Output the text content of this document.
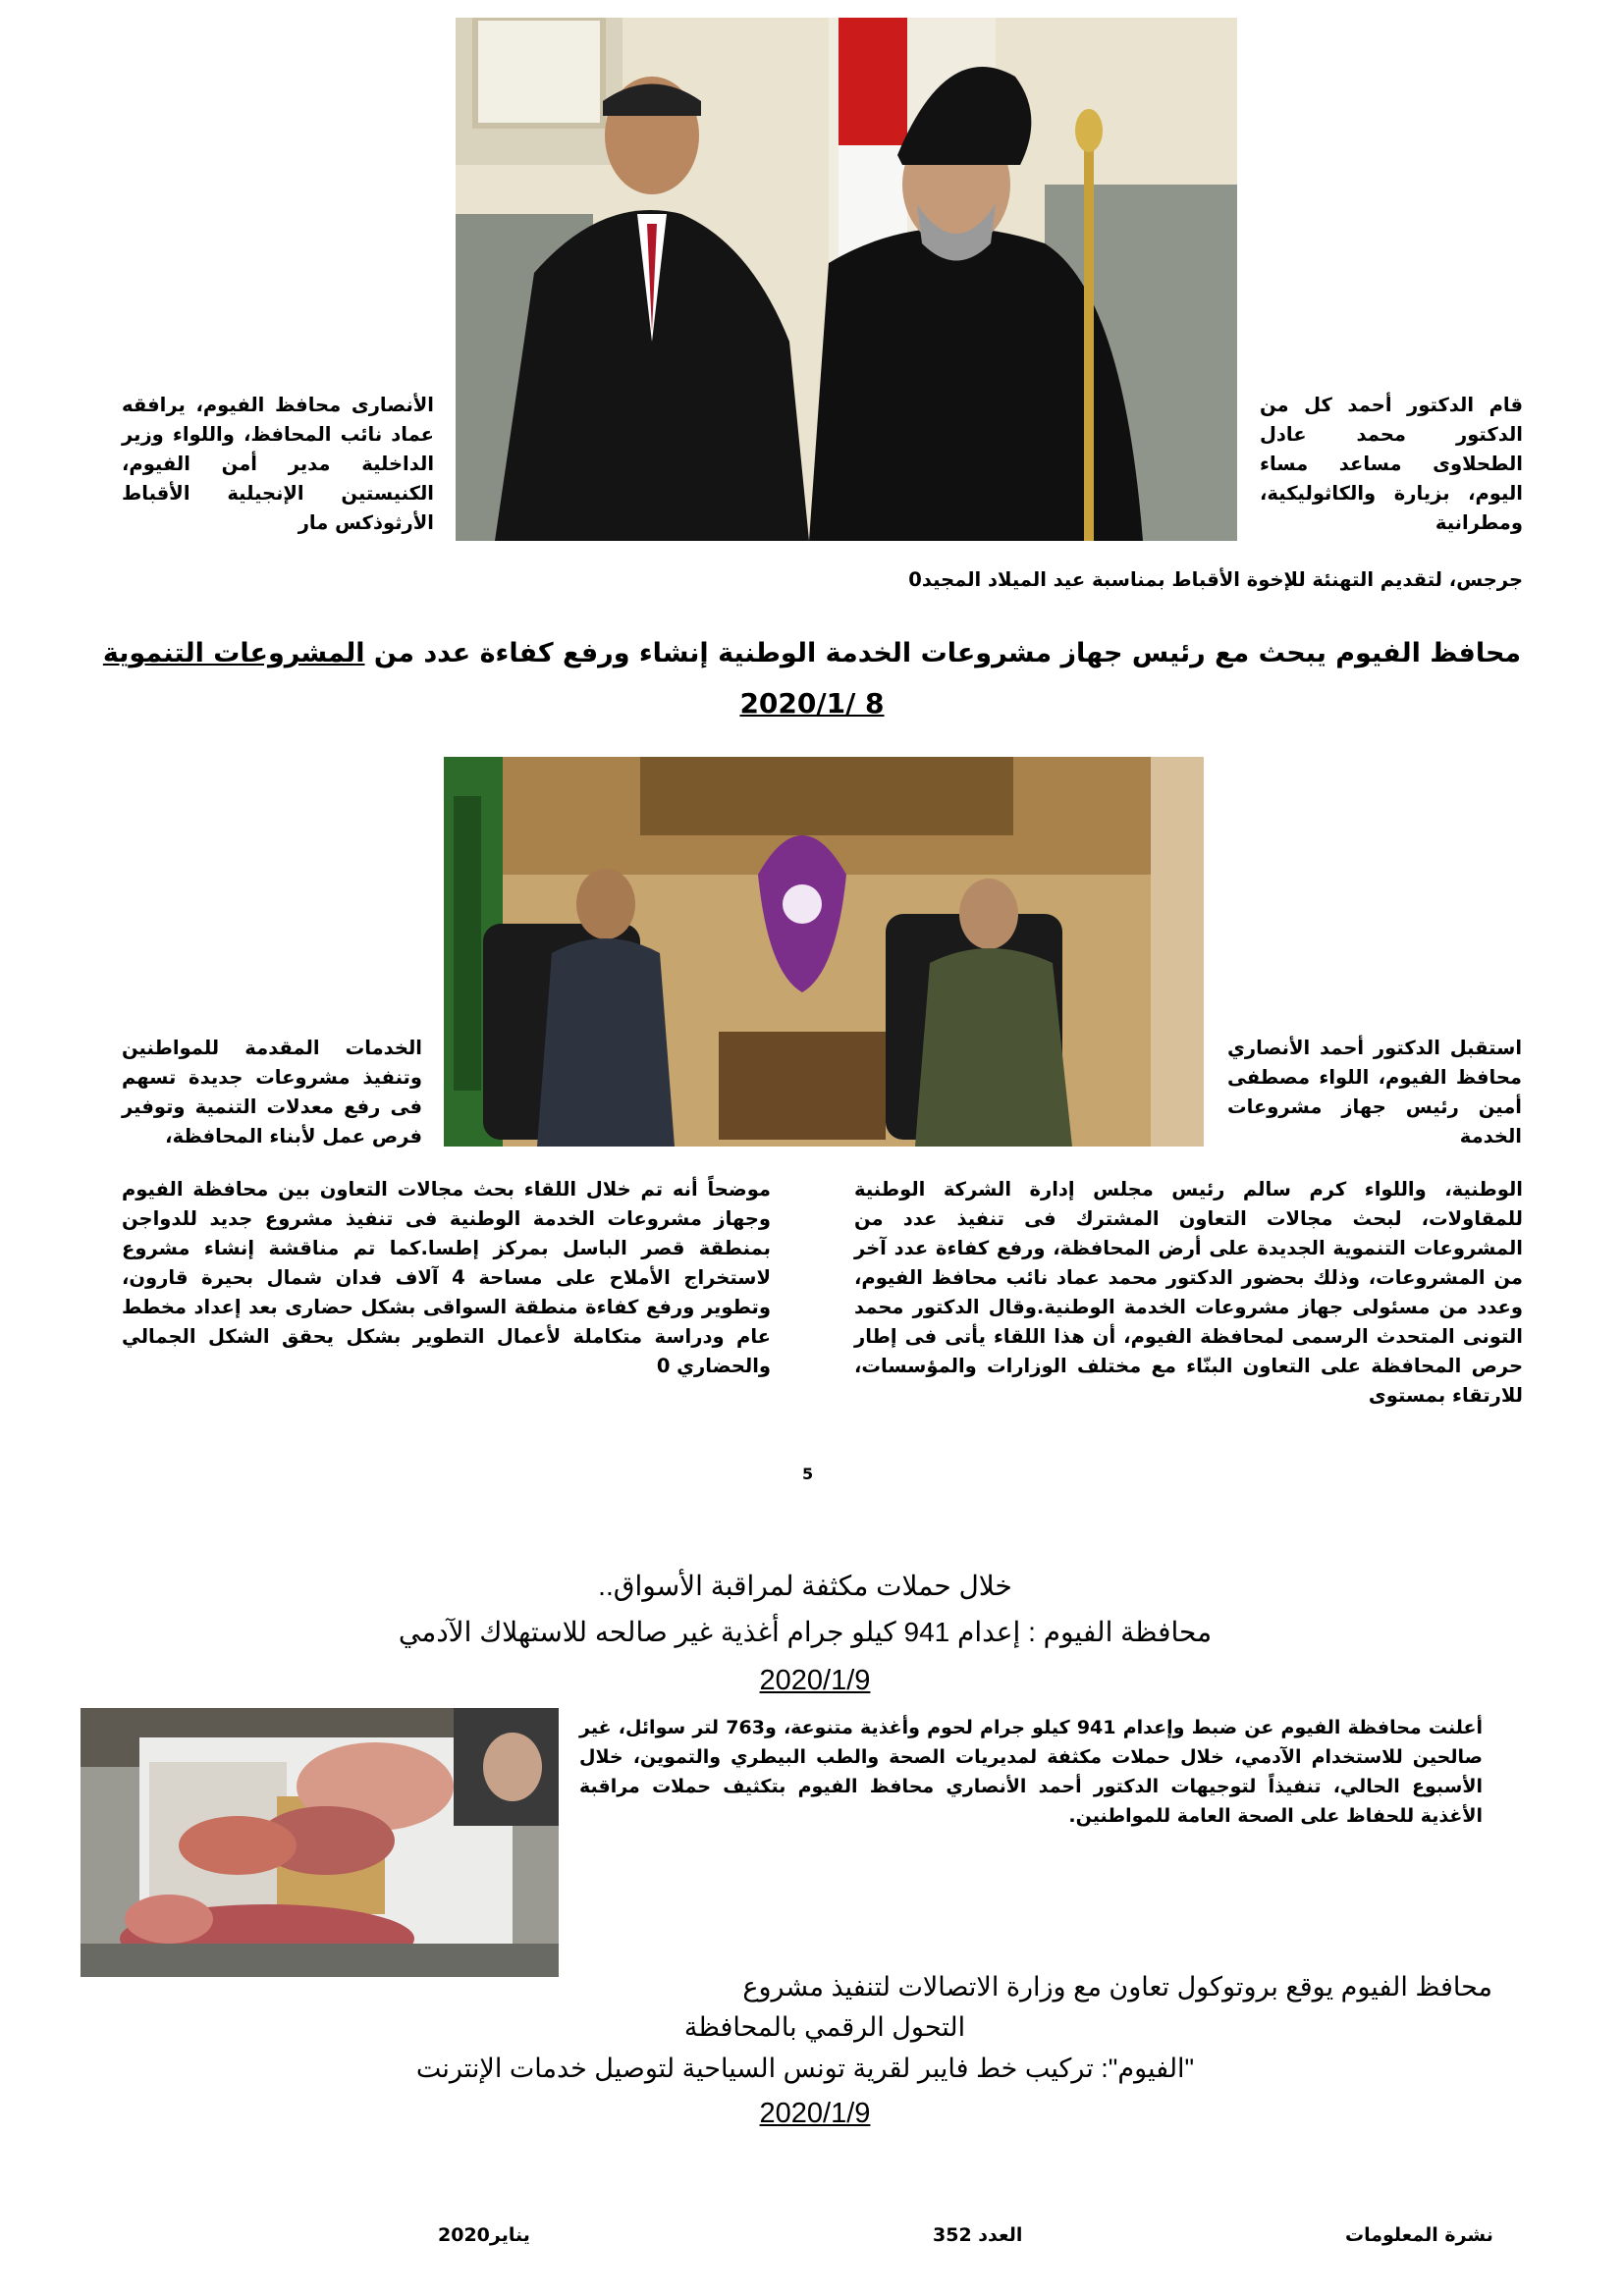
قام الدكتور أحمد كل من الدكتور محمد عادل الطحلاوى مساعد مساء اليوم، بزيارة والكاثوليكية، ومطرانية
الأنصارى محافظ الفيوم، يرافقه عماد نائب المحافظ، واللواء وزير الداخلية مدير أمن الفيوم، الكنيستين الإنجيلية الأقباط الأرثوذكس مار
جرجس، لتقديم التهنئة للإخوة الأقباط بمناسبة عيد الميلاد المجيد0
محافظ الفيوم يبحث مع رئيس جهاز مشروعات الخدمة الوطنية إنشاء ورفع كفاءة عدد من المشروعات التنموية
2020/1/ 8
استقبل الدكتور أحمد الأنصاري محافظ الفيوم، اللواء مصطفى أمين رئيس جهاز مشروعات الخدمة
الخدمات المقدمة للمواطنين وتنفيذ مشروعات جديدة تسهم فى رفع معدلات التنمية وتوفير فرص عمل لأبناء المحافظة،
الوطنية، واللواء كرم سالم رئيس مجلس إدارة الشركة الوطنية للمقاولات، لبحث مجالات التعاون المشترك فى تنفيذ عدد من المشروعات التنموية الجديدة على أرض المحافظة، ورفع كفاءة عدد آخر من المشروعات، وذلك بحضور الدكتور محمد عماد نائب محافظ الفيوم، وعدد من مسئولى جهاز مشروعات الخدمة الوطنية.وقال الدكتور محمد التونى المتحدث الرسمى لمحافظة الفيوم، أن هذا اللقاء يأتى فى إطار حرص المحافظة على التعاون البنّاء مع مختلف الوزارات والمؤسسات، للارتقاء بمستوى
موضحاً أنه تم خلال اللقاء بحث مجالات التعاون بين محافظة الفيوم وجهاز مشروعات الخدمة الوطنية فى تنفيذ مشروع جديد للدواجن بمنطقة قصر الباسل بمركز إطسا.كما تم مناقشة إنشاء مشروع لاستخراج الأملاح على مساحة 4 آلاف فدان شمال بحيرة قارون، وتطوير ورفع كفاءة منطقة السواقى بشكل حضارى بعد إعداد مخطط عام ودراسة متكاملة لأعمال التطوير بشكل يحقق الشكل الجمالي والحضاري 0
5
خلال حملات مكثفة لمراقبة الأسواق..
محافظة الفيوم : إعدام 941 كيلو جرام أغذية غير صالحه للاستهلاك الآدمي
2020/1/9
أعلنت محافظة الفيوم عن ضبط وإعدام 941 كيلو جرام لحوم وأغذية متنوعة، و763 لتر سوائل، غير صالحين للاستخدام الآدمي، خلال حملات مكثفة لمديريات الصحة والطب البيطري والتموين، خلال الأسبوع الحالي، تنفيذاً لتوجيهات الدكتور أحمد الأنصاري محافظ الفيوم بتكثيف حملات مراقبة الأغذية للحفاظ على الصحة العامة للمواطنين.
محافظ الفيوم يوقع بروتوكول تعاون مع وزارة الاتصالات لتنفيذ مشروع
التحول الرقمي بالمحافظة
"الفيوم": تركيب خط فايبر لقرية تونس السياحية لتوصيل خدمات الإنترنت
2020/1/9
نشرة المعلومات
العدد 352
يناير2020
